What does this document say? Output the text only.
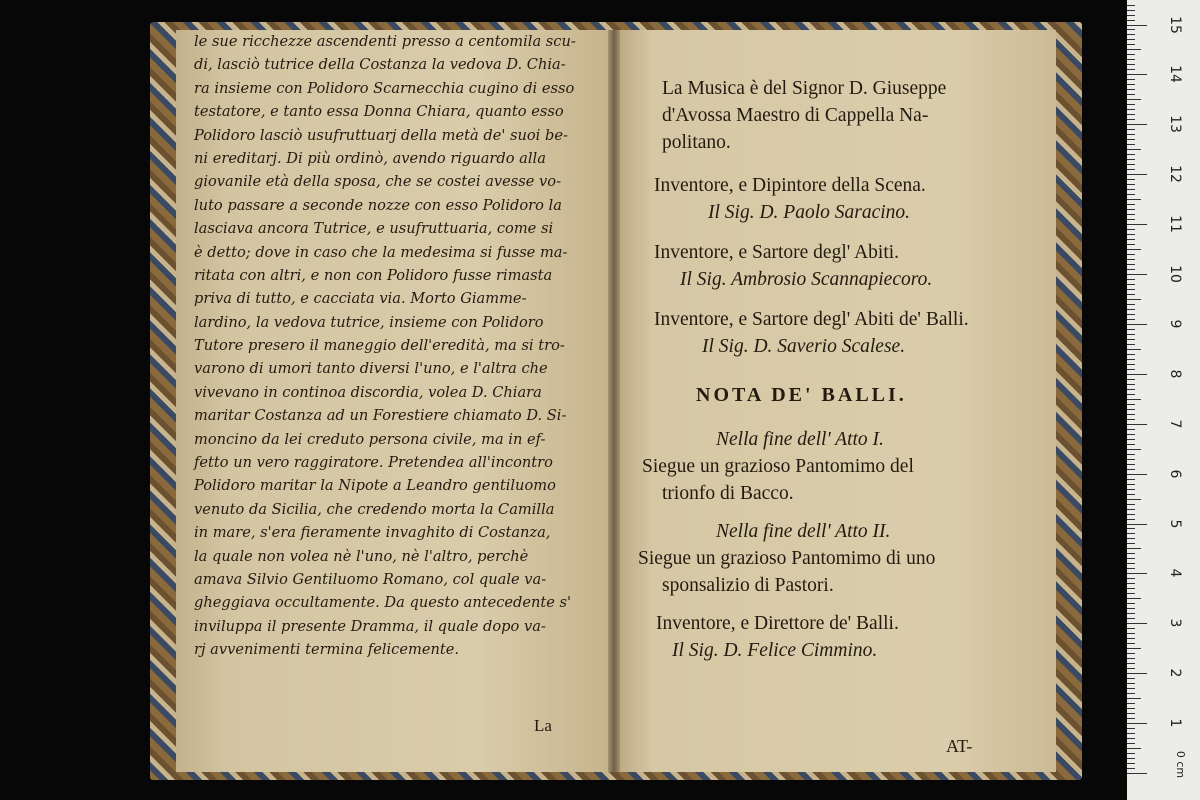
le sue ricchezze ascendenti presso a centomila scu-
di, lasciò tutrice della Costanza la vedova D. Chia-
ra insieme con Polidoro Scarnecchia cugino di esso
testatore, e tanto essa Donna Chiara, quanto esso
Polidoro lasciò usufruttuarj della metà de' suoi be-
ni ereditarj. Di più ordinò, avendo riguardo alla
giovanile età della sposa, che se costei avesse vo-
luto passare a seconde nozze con esso Polidoro la
lasciava ancora Tutrice, e usufruttuaria, come si
è detto; dove in caso che la medesima si fusse ma-
ritata con altri, e non con Polidoro fusse rimasta
priva di tutto, e cacciata via. Morto Giamme-
lardino, la vedova tutrice, insieme con Polidoro
Tutore presero il maneggio dell'eredità, ma si tro-
varono di umori tanto diversi l'uno, e l'altra che
vivevano in continoa discordia, volea D. Chiara
maritar Costanza ad un Forestiere chiamato D. Si-
moncino da lei creduto persona civile, ma in ef-
fetto un vero raggiratore. Pretendea all'incontro
Polidoro maritar la Nipote a Leandro gentiluomo
venuto da Sicilia, che credendo morta la Camilla
in mare, s'era fieramente invaghito di Costanza,
la quale non volea nè l'uno, nè l'altro, perchè
amava Silvio Gentiluomo Romano, col quale va-
gheggiava occultamente. Da questo antecedente s'
inviluppa il presente Dramma, il quale dopo va-
rj avvenimenti termina felicemente.
La
La Musica è del Signor D. Giuseppe
d'Avossa Maestro di Cappella Na-
politano.
Inventore, e Dipintore della Scena.
Il Sig. D. Paolo Saracino.
Inventore, e Sartore degl' Abiti.
Il Sig. Ambrosio Scannapiecoro.
Inventore, e Sartore degl' Abiti de' Balli.
Il Sig. D. Saverio Scalese.
NOTA DE' BALLI.
Nella fine dell' Atto I.
Siegue un grazioso Pantomimo del
trionfo di Bacco.
Nella fine dell' Atto II.
Siegue un grazioso Pantomimo di uno
sponsalizio di Pastori.
Inventore, e Direttore de' Balli.
Il Sig. D. Felice Cimmino.
AT-
0 cm
1
2
3
4
5
6
7
8
9
10
11
12
13
14
15
